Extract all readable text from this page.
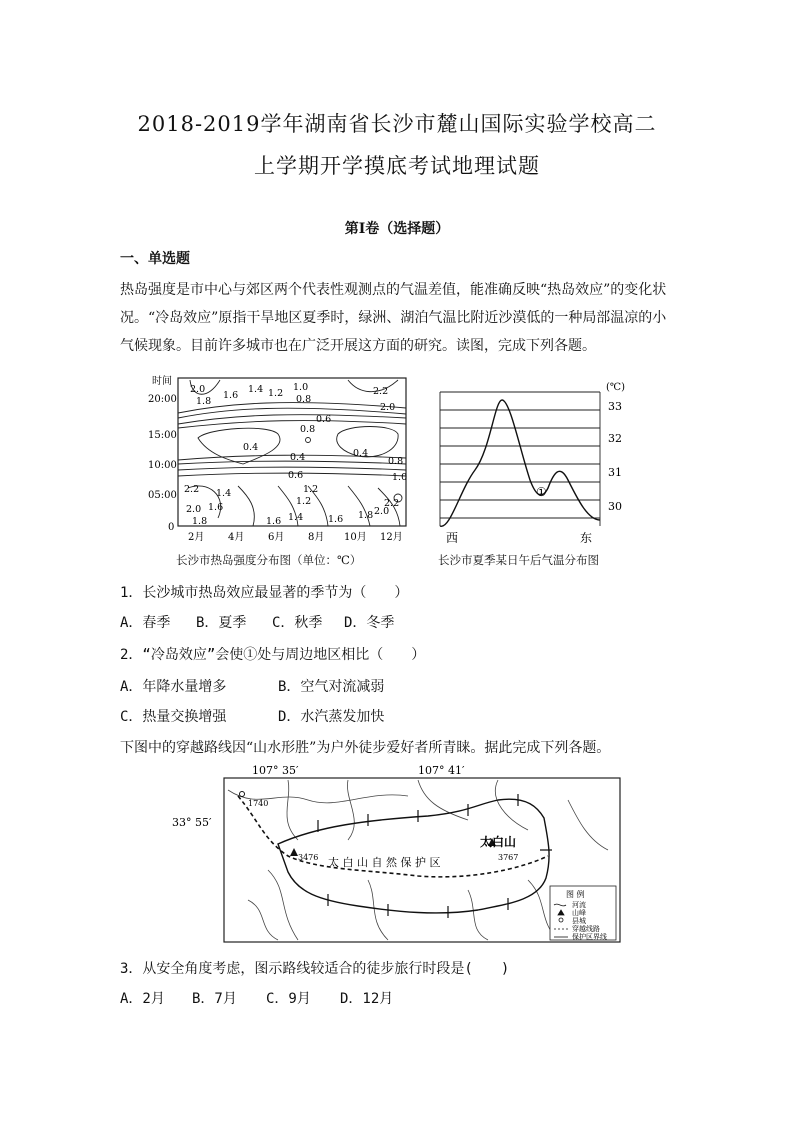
2018-2019学年湖南省长沙市麓山国际实验学校高二
上学期开学摸底考试地理试题
第I卷（选择题）
一、单选题
热岛强度是市中心与郊区两个代表性观测点的气温差值，能准确反映“热岛效应”的变化状
况。“冷岛效应”原指干旱地区夏季时，绿洲、湖泊气温比附近沙漠低的一种局部温凉的小
气候现象。目前许多城市也在广泛开展这方面的研究。读图，完成下列各题。
时间
20:00
15:00
10:00
05:00
0
2月 4月 6月 8月 10月 12月
2.0
1.8
1.6
1.4 1.2
1.0
0.8
0.6
2.2
2.0
0.4
0.8
0.4	0.4
0.6
0.8
1.0
1.2
2.2
1.4
1.2
2.2
2.0 1.6
1.8	1.6 1.4	1.6 1.8 2.0
长沙市热岛强度分布图（单位：℃）
(℃)
33
32
31
30
①
西	东
长沙市夏季某日午后气温分布图
1．长沙城市热岛效应最显著的季节为（　　）
A．春季 B．夏季 C．秋季 D．冬季
2．“冷岛效应”会使①处与周边地区相比（　　）
A．年降水量增多	B．空气对流减弱
C．热量交换增强	D．水汽蒸发加快
下图中的穿越路线因“山水形胜”为户外徒步爱好者所青睐。据此完成下列各题。
107° 35′	107° 41′
33° 55′
1740
3476	3767
太白山
太 白 山 自 然 保 护 区
图 例
河流
山峰
县城
穿越线路
保护区界线
3．从安全角度考虑，图示路线较适合的徒步旅行时段是(　　)
A．2月 B．7月 C．9月 D．12月
